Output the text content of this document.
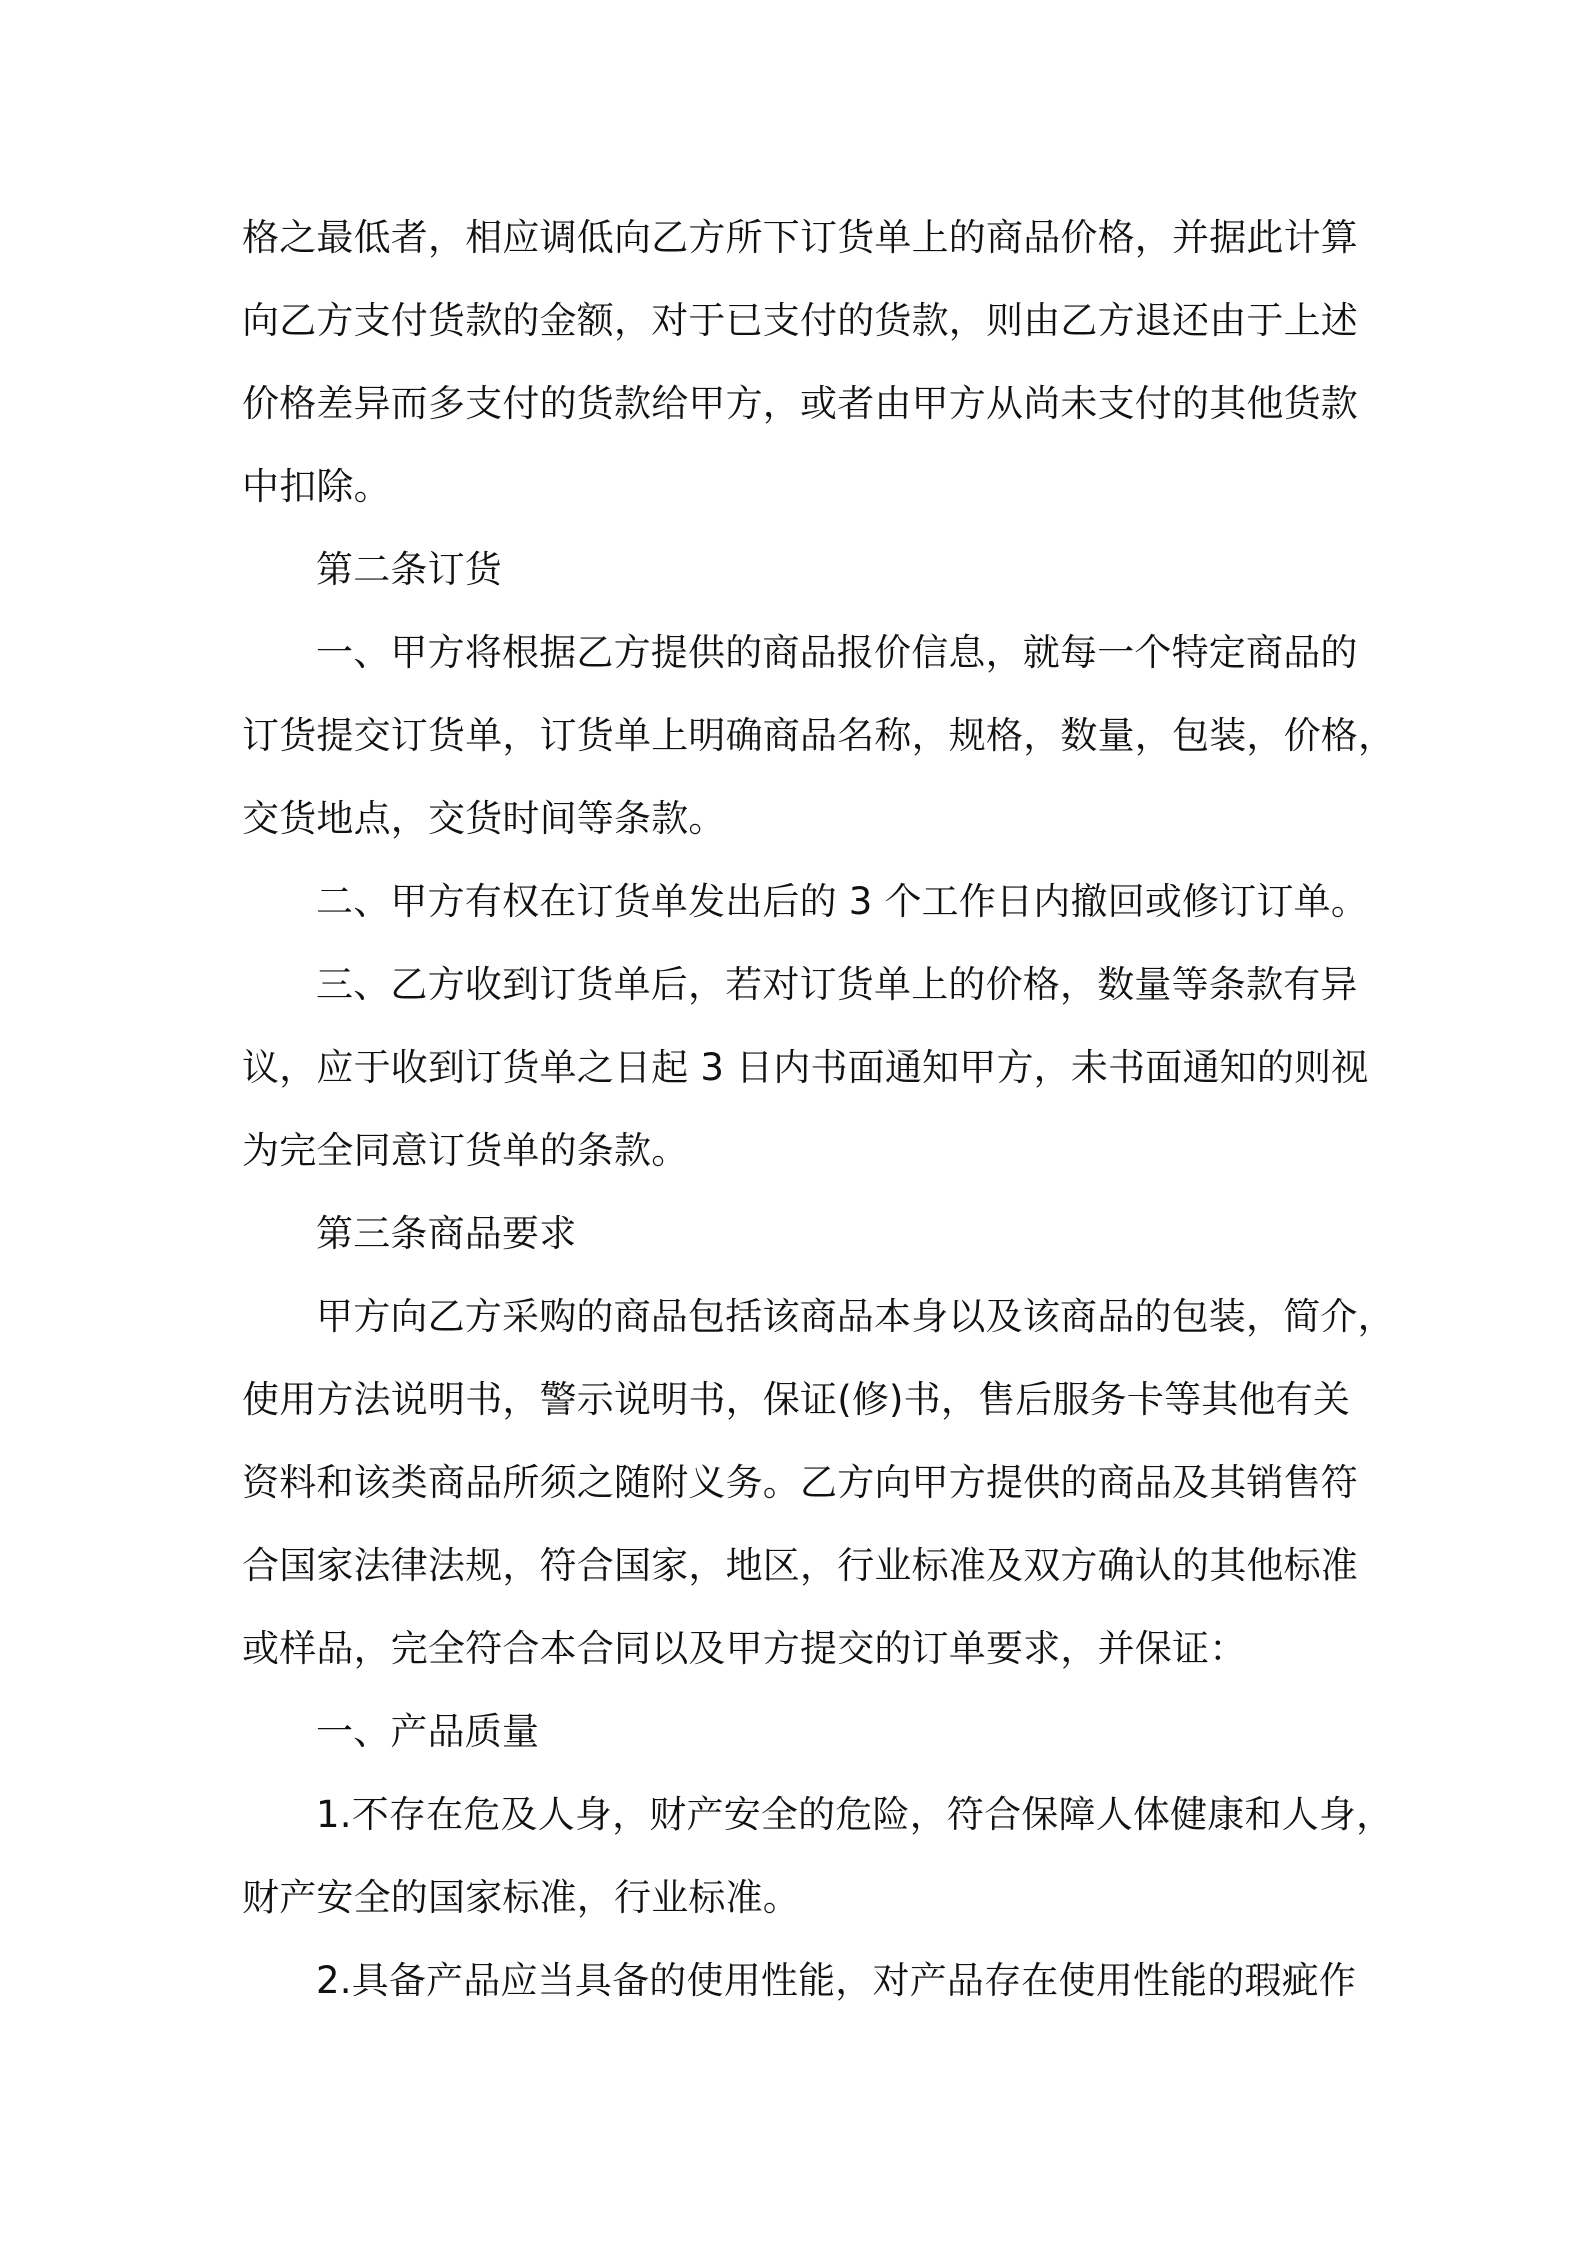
格之最低者，相应调低向乙方所下订货单上的商品价格，并据此计算

向乙方支付货款的金额，对于已支付的货款，则由乙方退还由于上述

价格差异而多支付的货款给甲方，或者由甲方从尚未支付的其他货款

中扣除。

第二条订货

一、甲方将根据乙方提供的商品报价信息，就每一个特定商品的

订货提交订货单，订货单上明确商品名称，规格，数量，包装，价格，

交货地点，交货时间等条款。

二、甲方有权在订货单发出后的 3 个工作日内撤回或修订订单。

三、乙方收到订货单后，若对订货单上的价格，数量等条款有异

议，应于收到订货单之日起 3 日内书面通知甲方，未书面通知的则视

为完全同意订货单的条款。

第三条商品要求

甲方向乙方采购的商品包括该商品本身以及该商品的包装，简介，

使用方法说明书，警示说明书，保证(修)书，售后服务卡等其他有关

资料和该类商品所须之随附义务。乙方向甲方提供的商品及其销售符

合国家法律法规，符合国家，地区，行业标准及双方确认的其他标准

或样品，完全符合本合同以及甲方提交的订单要求，并保证：

一、产品质量

1.不存在危及人身，财产安全的危险，符合保障人体健康和人身，

财产安全的国家标准，行业标准。

2.具备产品应当具备的使用性能，对产品存在使用性能的瑕疵作
